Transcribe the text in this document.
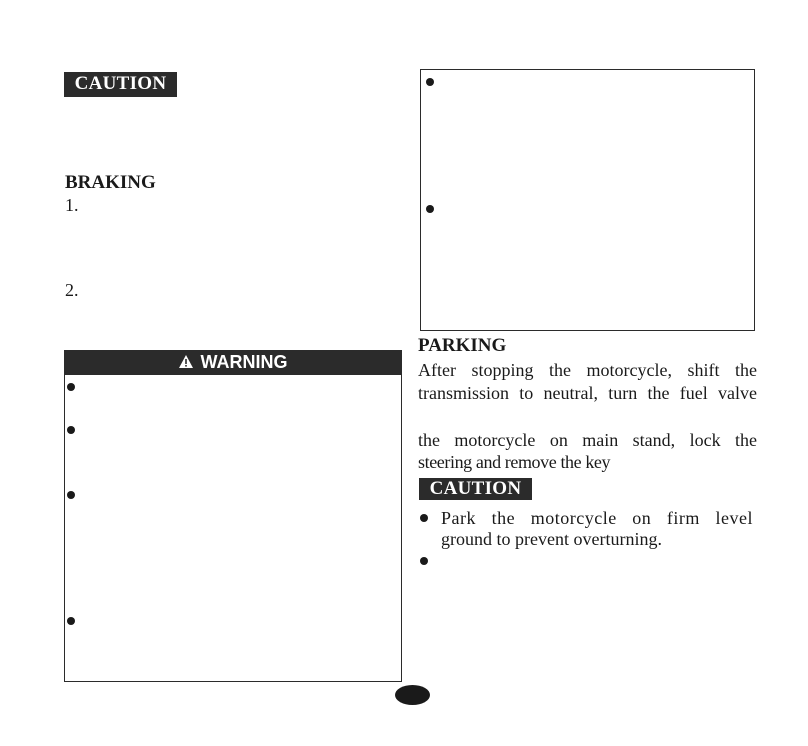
CAUTION
BRAKING
1.
2.
WARNING
PARKING
After stopping the motorcycle, shift the
transmission to neutral, turn the fuel valve
the motorcycle on main stand, lock the
steering and remove the key
CAUTION
Park the motorcycle on firm level
ground to prevent overturning.
